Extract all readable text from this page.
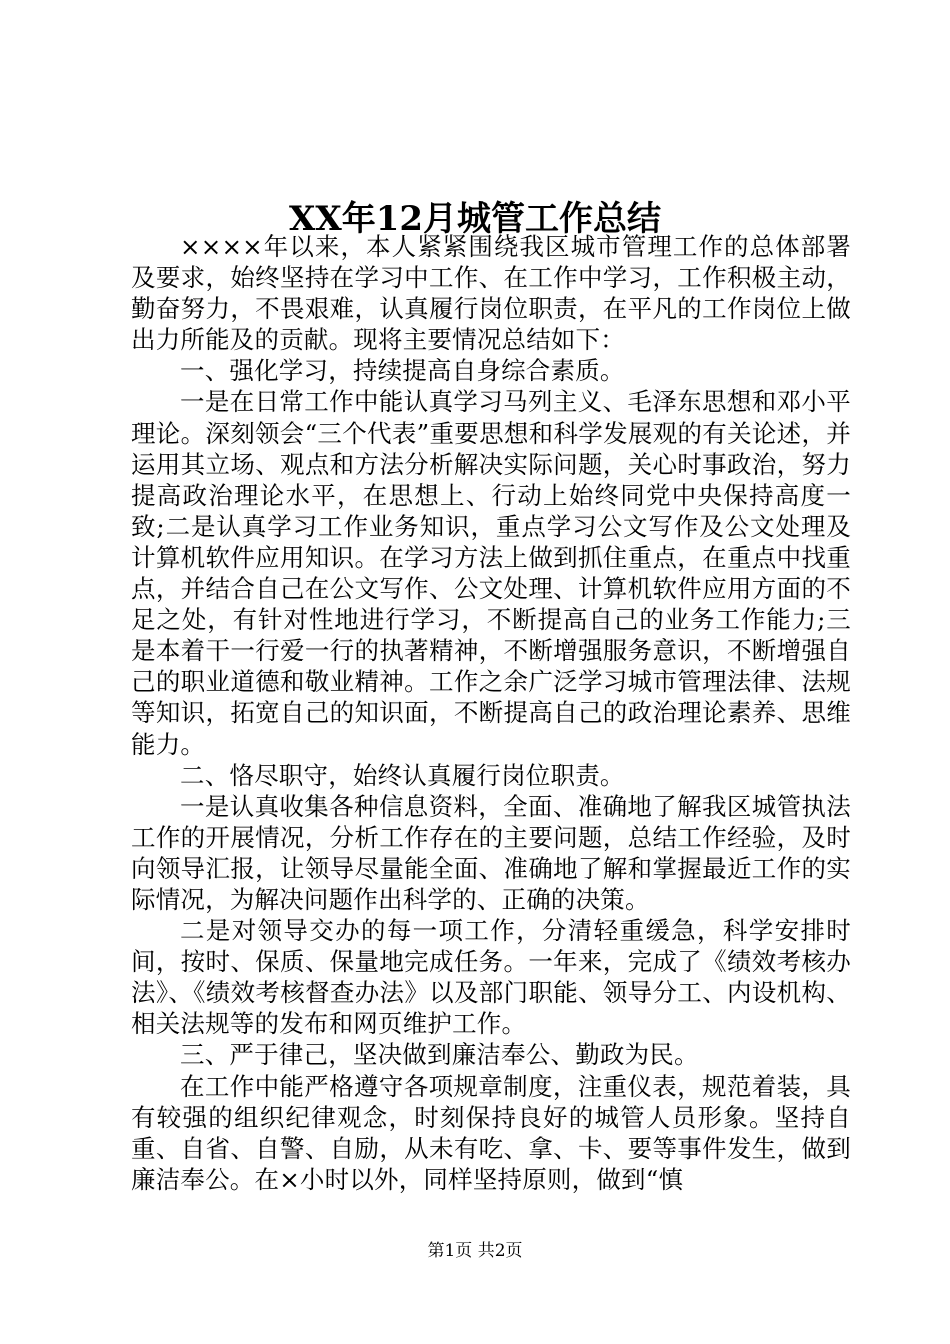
XX年12月城管工作总结

××××年以来，本人紧紧围绕我区城市管理工作的总体部署及要求，始终坚持在学习中工作、在工作中学习，工作积极主动，勤奋努力，不畏艰难，认真履行岗位职责，在平凡的工作岗位上做出力所能及的贡献。现将主要情况总结如下：

一、强化学习，持续提高自身综合素质。

一是在日常工作中能认真学习马列主义、毛泽东思想和邓小平理论。深刻领会“三个代表”重要思想和科学发展观的有关论述，并运用其立场、观点和方法分析解决实际问题，关心时事政治，努力提高政治理论水平，在思想上、行动上始终同党中央保持高度一致;二是认真学习工作业务知识，重点学习公文写作及公文处理及计算机软件应用知识。在学习方法上做到抓住重点，在重点中找重点，并结合自己在公文写作、公文处理、计算机软件应用方面的不足之处，有针对性地进行学习，不断提高自己的业务工作能力;三是本着干一行爱一行的执著精神，不断增强服务意识，不断增强自己的职业道德和敬业精神。工作之余广泛学习城市管理法律、法规等知识，拓宽自己的知识面，不断提高自己的政治理论素养、思维能力。

二、恪尽职守，始终认真履行岗位职责。

一是认真收集各种信息资料，全面、准确地了解我区城管执法工作的开展情况，分析工作存在的主要问题，总结工作经验，及时向领导汇报，让领导尽量能全面、准确地了解和掌握最近工作的实际情况，为解决问题作出科学的、正确的决策。

二是对领导交办的每一项工作，分清轻重缓急，科学安排时间，按时、保质、保量地完成任务。一年来，完成了《绩效考核办法》、《绩效考核督查办法》以及部门职能、领导分工、内设机构、相关法规等的发布和网页维护工作。

三、严于律己，坚决做到廉洁奉公、勤政为民。

在工作中能严格遵守各项规章制度，注重仪表，规范着装，具有较强的组织纪律观念，时刻保持良好的城管人员形象。坚持自重、自省、自警、自励，从未有吃、拿、卡、要等事件发生，做到廉洁奉公。在×小时以外，同样坚持原则，做到“慎

第1页 共2页
